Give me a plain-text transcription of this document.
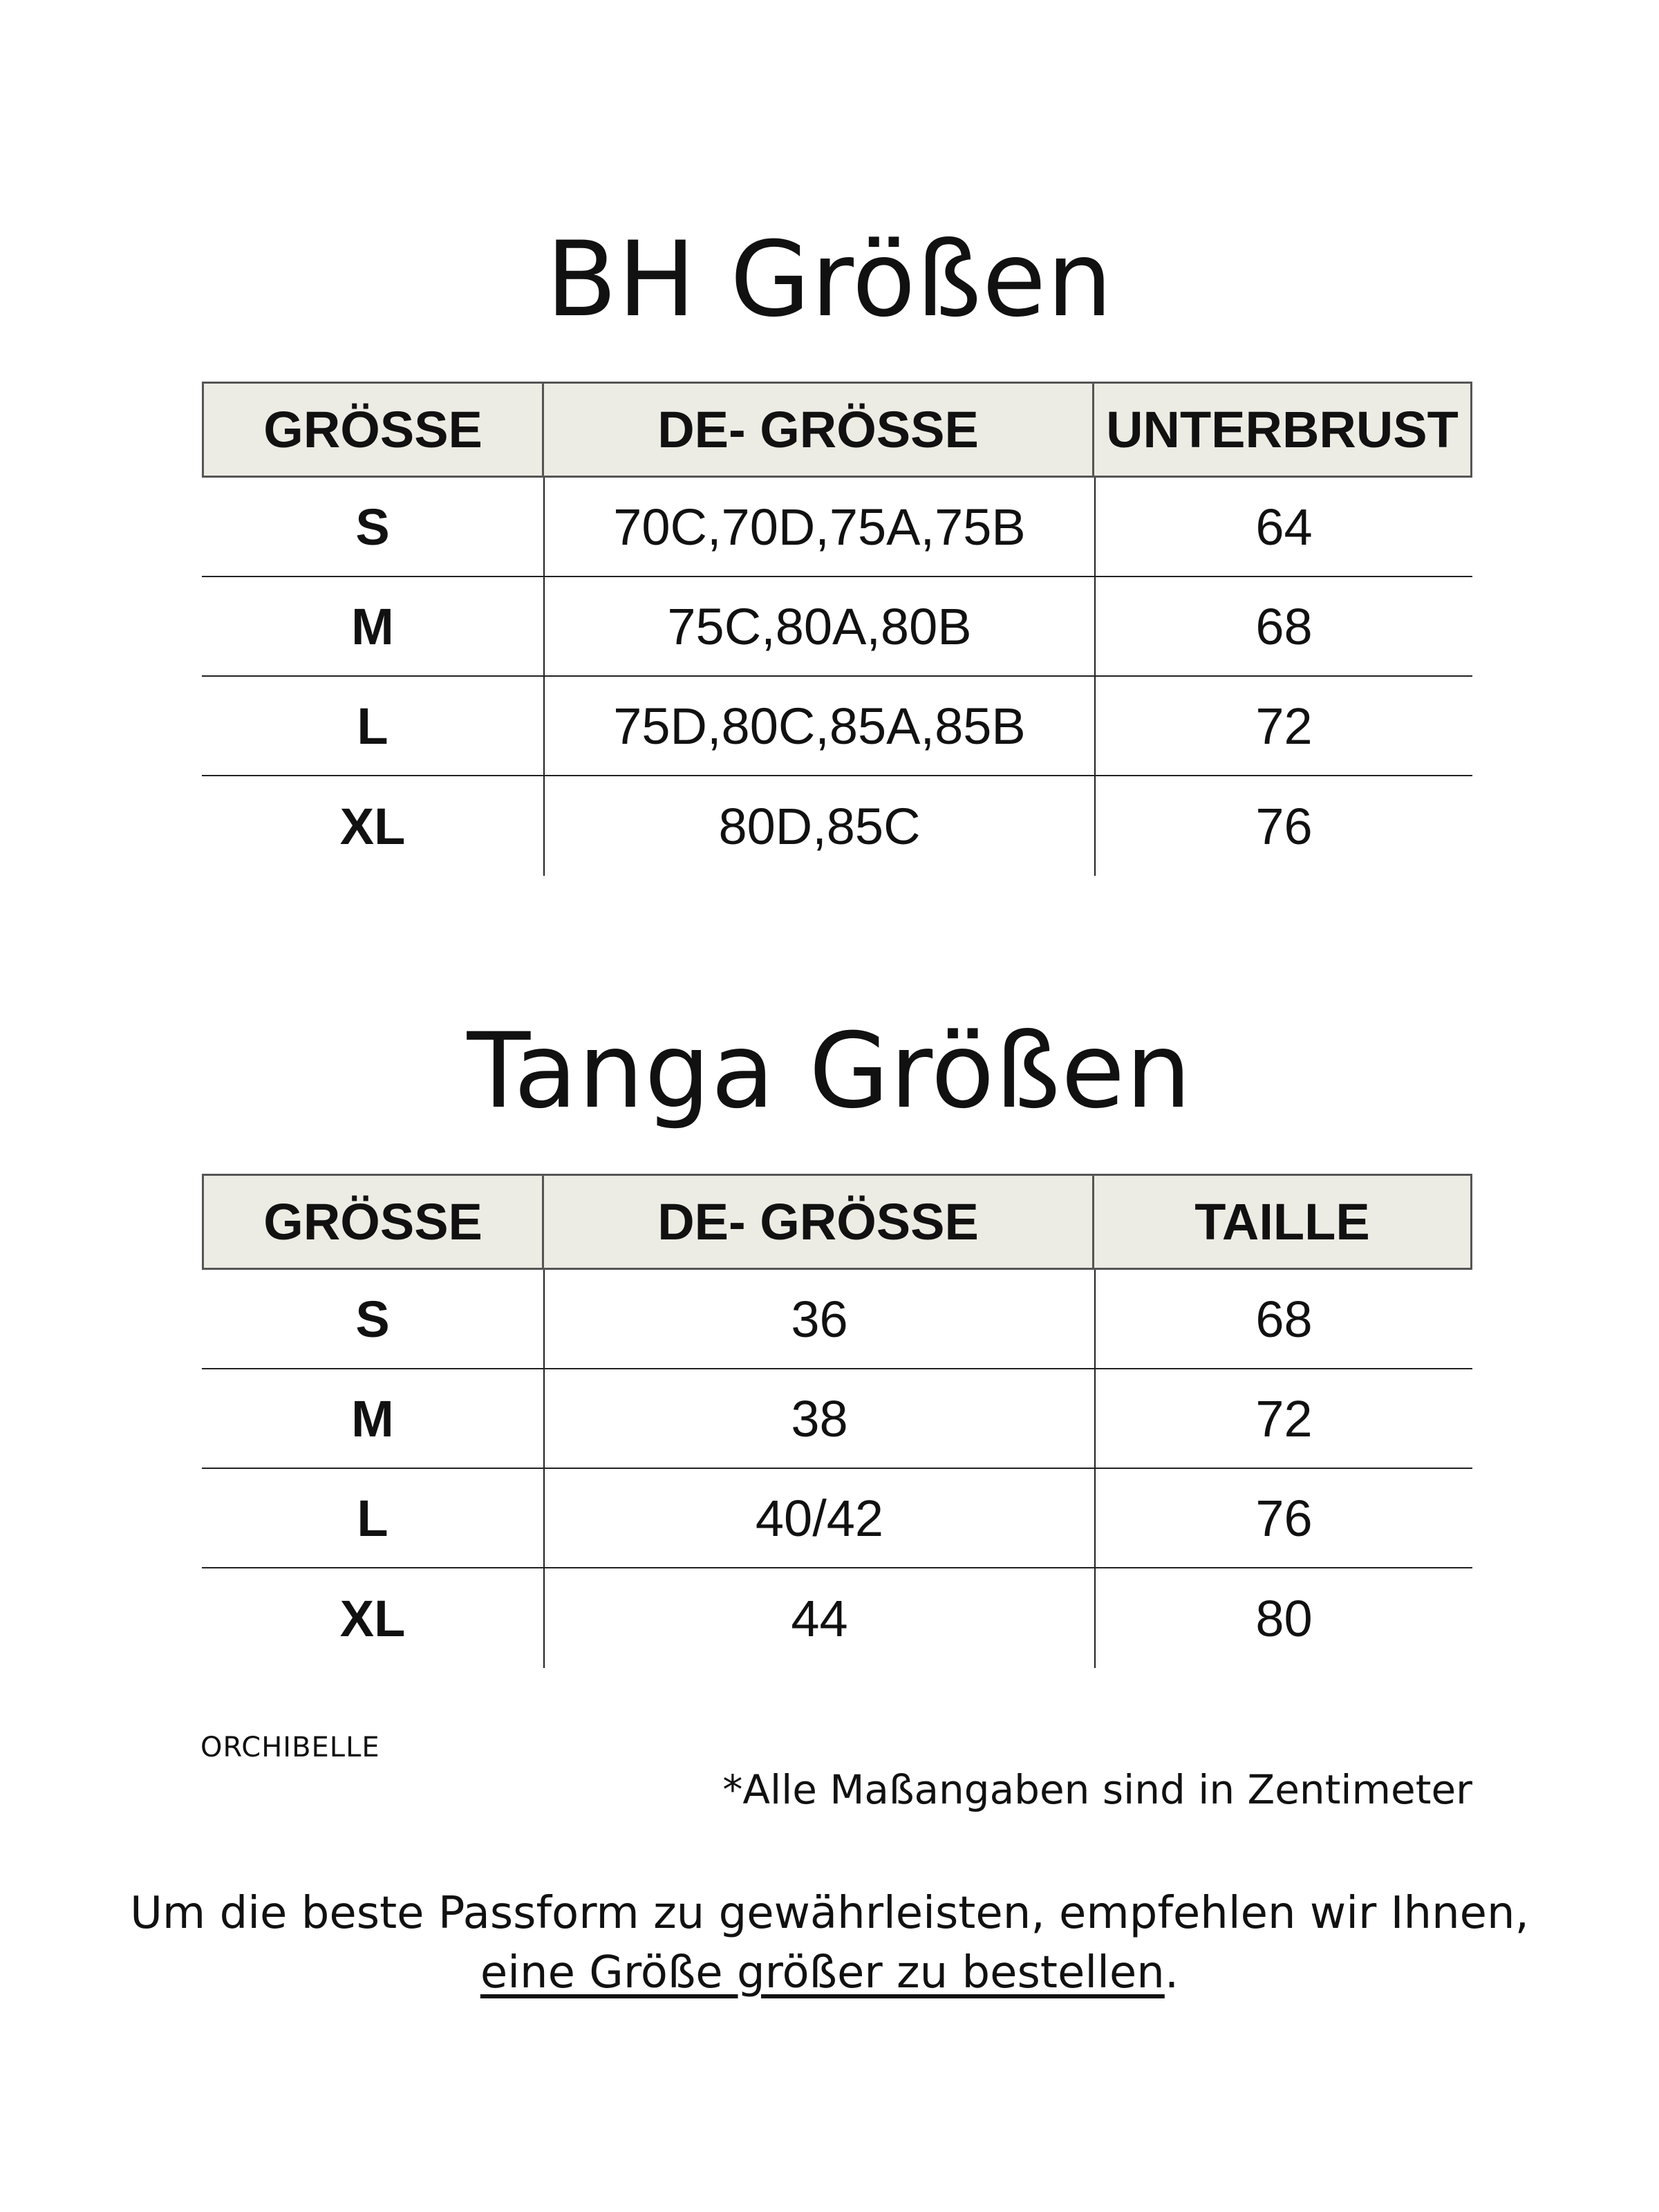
BH Größen
GRÖSSE	DE- GRÖSSE	UNTERBRUST
S	70C,70D,75A,75B	64
M	75C,80A,80B	68
L	75D,80C,85A,85B	72
XL	80D,85C	76
Tanga Größen
GRÖSSE	DE- GRÖSSE	TAILLE
S	36	68
M	38	72
L	40/42	76
XL	44	80
ORCHIBELLE
*Alle Maßangaben sind in Zentimeter
Um die beste Passform zu gewährleisten, empfehlen wir Ihnen,
eine Größe größer zu bestellen.
